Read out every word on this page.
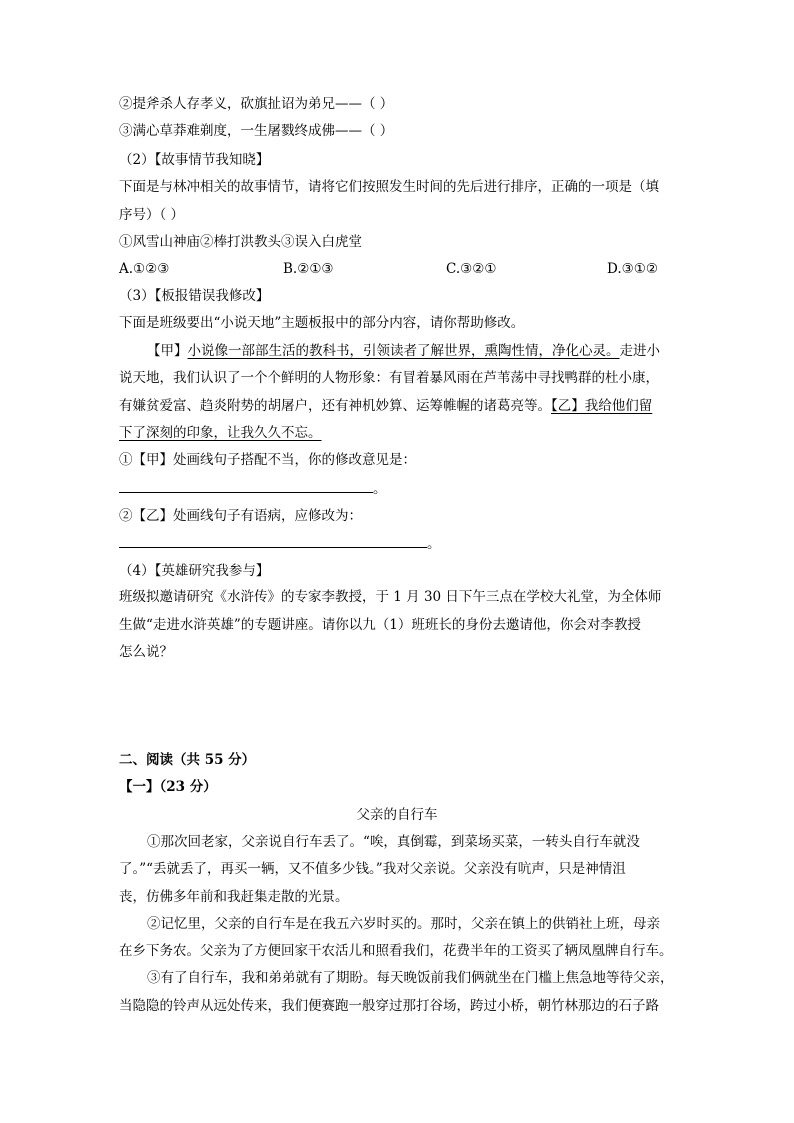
②提斧杀人存孝义，砍旗扯诏为弟兄——（ ）
③满心草莽难剃度，一生屠戮终成佛——（ ）
（2）【故事情节我知晓】
下面是与林冲相关的故事情节，请将它们按照发生时间的先后进行排序，正确的一项是（填
序号）（ ）
①风雪山神庙②棒打洪教头③误入白虎堂
A.①②③	B.②①③	C.③②①	D.③①②
（3）【板报错误我修改】
下面是班级要出“小说天地”主题板报中的部分内容，请你帮助修改。
【甲】小说像一部部生活的教科书，引领读者了解世界，熏陶性情，净化心灵。走进小
说天地，我们认识了一个个鲜明的人物形象：有冒着暴风雨在芦苇荡中寻找鸭群的杜小康，
有嫌贫爱富、趋炎附势的胡屠户，还有神机妙算、运筹帷幄的诸葛亮等。【乙】我给他们留
下了深刻的印象，让我久久不忘。
①【甲】处画线句子搭配不当，你的修改意见是：
。
②【乙】处画线句子有语病，应修改为：
。
（4）【英雄研究我参与】
班级拟邀请研究《水浒传》的专家李教授，于 1 月 30 日下午三点在学校大礼堂，为全体师
生做“走进水浒英雄”的专题讲座。请你以九（1）班班长的身份去邀请他，你会对李教授
怎么说？
二、阅读（共 55 分）
【一】（23 分）
父亲的自行车
①那次回老家，父亲说自行车丢了。“唉，真倒霉，到菜场买菜，一转头自行车就没
了。”“丢就丢了，再买一辆，又不值多少钱。”我对父亲说。父亲没有吭声，只是神情沮
丧，仿佛多年前和我赶集走散的光景。
②记忆里，父亲的自行车是在我五六岁时买的。那时，父亲在镇上的供销社上班，母亲
在乡下务农。父亲为了方便回家干农活儿和照看我们，花费半年的工资买了辆凤凰牌自行车。
③有了自行车，我和弟弟就有了期盼。每天晚饭前我们俩就坐在门槛上焦急地等待父亲，
当隐隐的铃声从远处传来，我们便赛跑一般穿过那打谷场，跨过小桥，朝竹林那边的石子路
